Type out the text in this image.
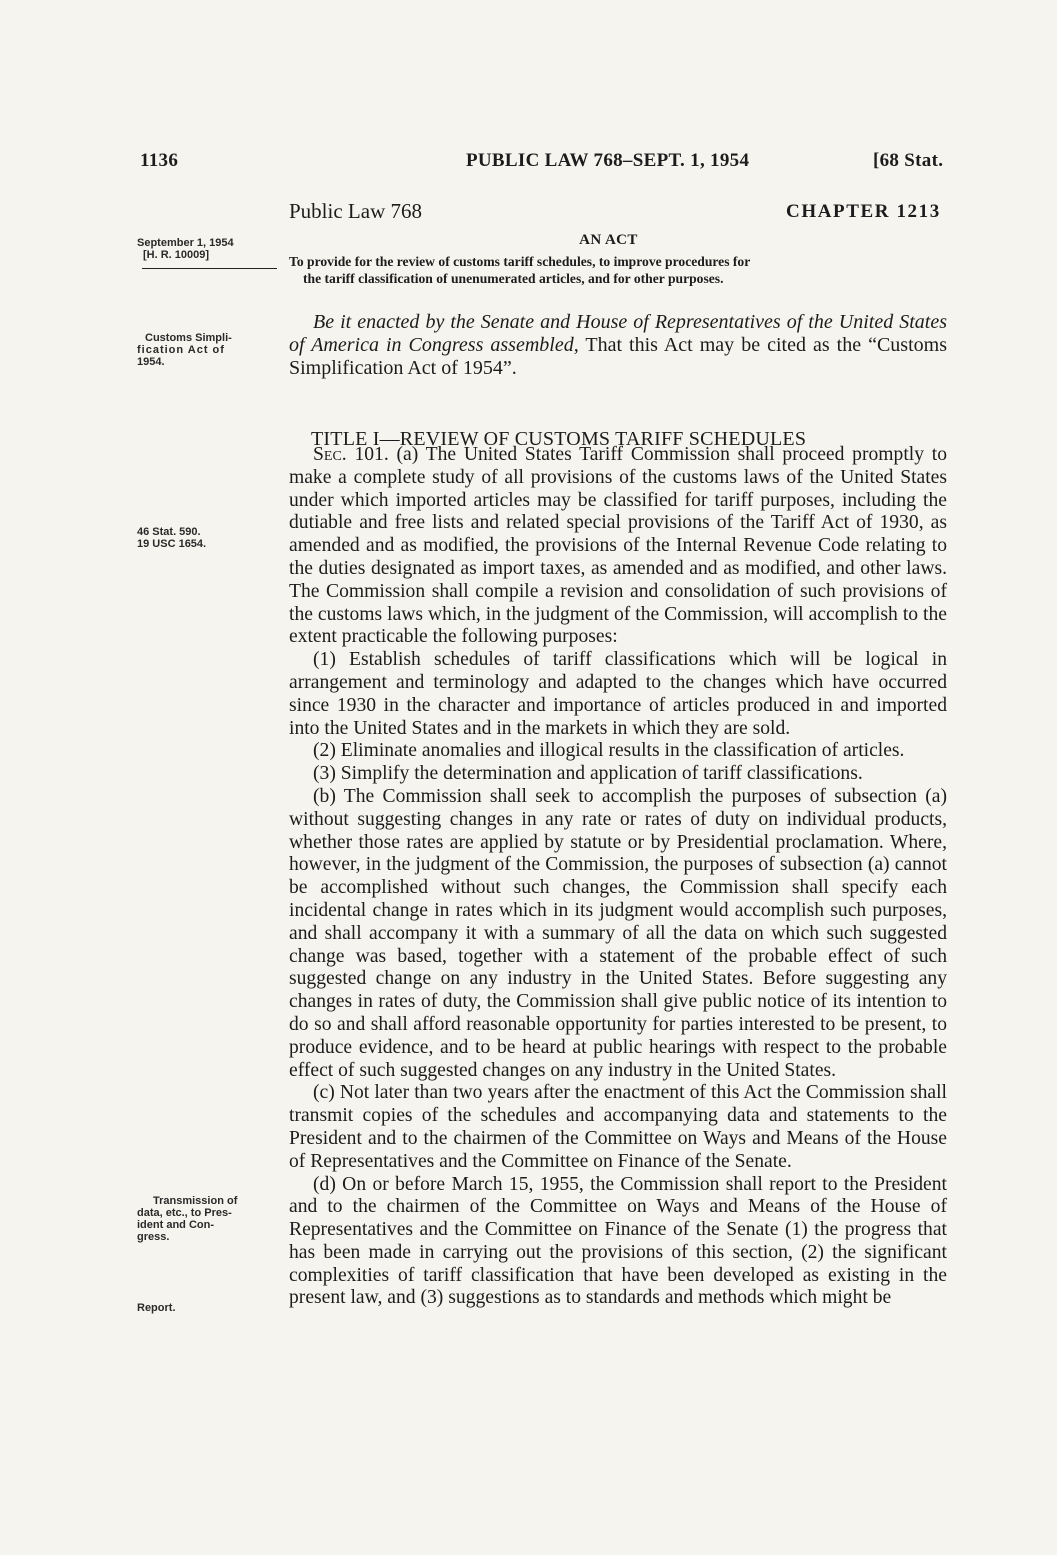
1136	PUBLIC LAW 768–SEPT. 1, 1954	[68 Stat.
Public Law 768	CHAPTER 1213
AN ACT
To provide for the review of customs tariff schedules, to improve procedures for
the tariff classification of unenumerated articles, and for other purposes.
September 1, 1954
[H. R. 10009]
Customs Simpli-
fication Act of
1954.
46 Stat. 590.
19 USC 1654.
Transmission of
data, etc., to Pres-
ident and Con-
gress.
Report.
Be it enacted by the Senate and House of Representatives of the United States of America in Congress assembled, That this Act may be cited as the “Customs Simplification Act of 1954”.
TITLE I—REVIEW OF CUSTOMS TARIFF SCHEDULES

Sec. 101. (a) The United States Tariff Commission shall proceed promptly to make a complete study of all provisions of the customs laws of the United States under which imported articles may be classified for tariff purposes, including the dutiable and free lists and related special provisions of the Tariff Act of 1930, as amended and as modified, the provisions of the Internal Revenue Code relating to the duties designated as import taxes, as amended and as modified, and other laws. The Commission shall compile a revision and consolidation of such provisions of the customs laws which, in the judgment of the Commission, will accomplish to the extent practicable the following purposes:

(1) Establish schedules of tariff classifications which will be logical in arrangement and terminology and adapted to the changes which have occurred since 1930 in the character and importance of articles produced in and imported into the United States and in the markets in which they are sold.

(2) Eliminate anomalies and illogical results in the classification of articles.

(3) Simplify the determination and application of tariff classifications.

(b) The Commission shall seek to accomplish the purposes of subsection (a) without suggesting changes in any rate or rates of duty on individual products, whether those rates are applied by statute or by Presidential proclamation. Where, however, in the judgment of the Commission, the purposes of subsection (a) cannot be accomplished without such changes, the Commission shall specify each incidental change in rates which in its judgment would accomplish such purposes, and shall accompany it with a summary of all the data on which such suggested change was based, together with a statement of the probable effect of such suggested change on any industry in the United States. Before suggesting any changes in rates of duty, the Commission shall give public notice of its intention to do so and shall afford reasonable opportunity for parties interested to be present, to produce evidence, and to be heard at public hearings with respect to the probable effect of such suggested changes on any industry in the United States.

(c) Not later than two years after the enactment of this Act the Commission shall transmit copies of the schedules and accompanying data and statements to the President and to the chairmen of the Committee on Ways and Means of the House of Representatives and the Committee on Finance of the Senate.

(d) On or before March 15, 1955, the Commission shall report to the President and to the chairmen of the Committee on Ways and Means of the House of Representatives and the Committee on Finance of the Senate (1) the progress that has been made in carrying out the provisions of this section, (2) the significant complexities of tariff classification that have been developed as existing in the present law, and (3) suggestions as to standards and methods which might be
